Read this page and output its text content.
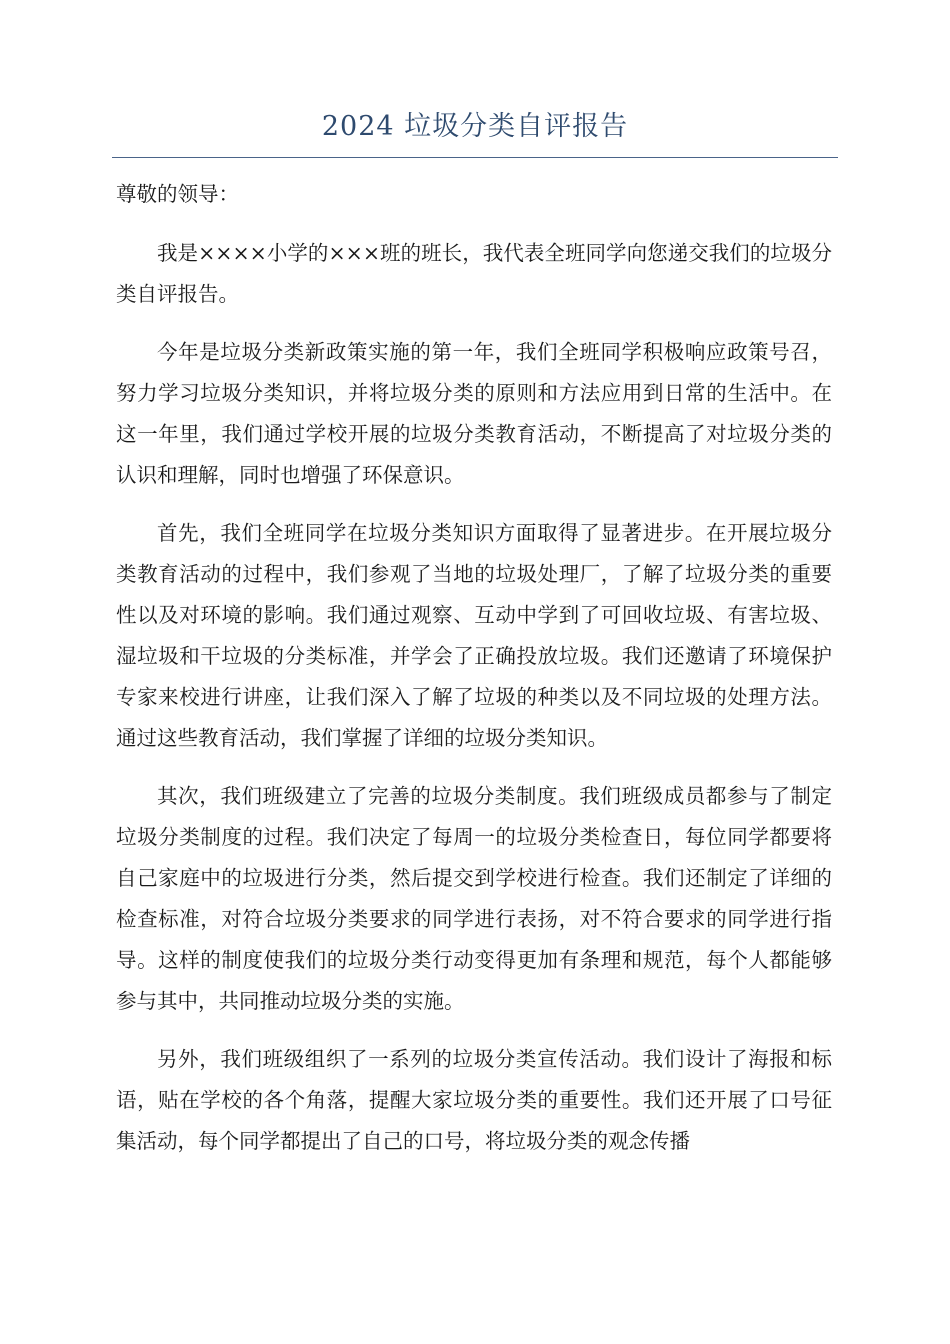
2024 垃圾分类自评报告

尊敬的领导：

我是××××小学的×××班的班长，我代表全班同学向您递交我们的垃圾分类自评报告。

今年是垃圾分类新政策实施的第一年，我们全班同学积极响应政策号召，努力学习垃圾分类知识，并将垃圾分类的原则和方法应用到日常的生活中。在这一年里，我们通过学校开展的垃圾分类教育活动，不断提高了对垃圾分类的认识和理解，同时也增强了环保意识。

首先，我们全班同学在垃圾分类知识方面取得了显著进步。在开展垃圾分类教育活动的过程中，我们参观了当地的垃圾处理厂，了解了垃圾分类的重要性以及对环境的影响。我们通过观察、互动中学到了可回收垃圾、有害垃圾、湿垃圾和干垃圾的分类标准，并学会了正确投放垃圾。我们还邀请了环境保护专家来校进行讲座，让我们深入了解了垃圾的种类以及不同垃圾的处理方法。通过这些教育活动，我们掌握了详细的垃圾分类知识。

其次，我们班级建立了完善的垃圾分类制度。我们班级成员都参与了制定垃圾分类制度的过程。我们决定了每周一的垃圾分类检查日，每位同学都要将自己家庭中的垃圾进行分类，然后提交到学校进行检查。我们还制定了详细的检查标准，对符合垃圾分类要求的同学进行表扬，对不符合要求的同学进行指导。这样的制度使我们的垃圾分类行动变得更加有条理和规范，每个人都能够参与其中，共同推动垃圾分类的实施。

另外，我们班级组织了一系列的垃圾分类宣传活动。我们设计了海报和标语，贴在学校的各个角落，提醒大家垃圾分类的重要性。我们还开展了口号征集活动，每个同学都提出了自己的口号，将垃圾分类的观念传播
